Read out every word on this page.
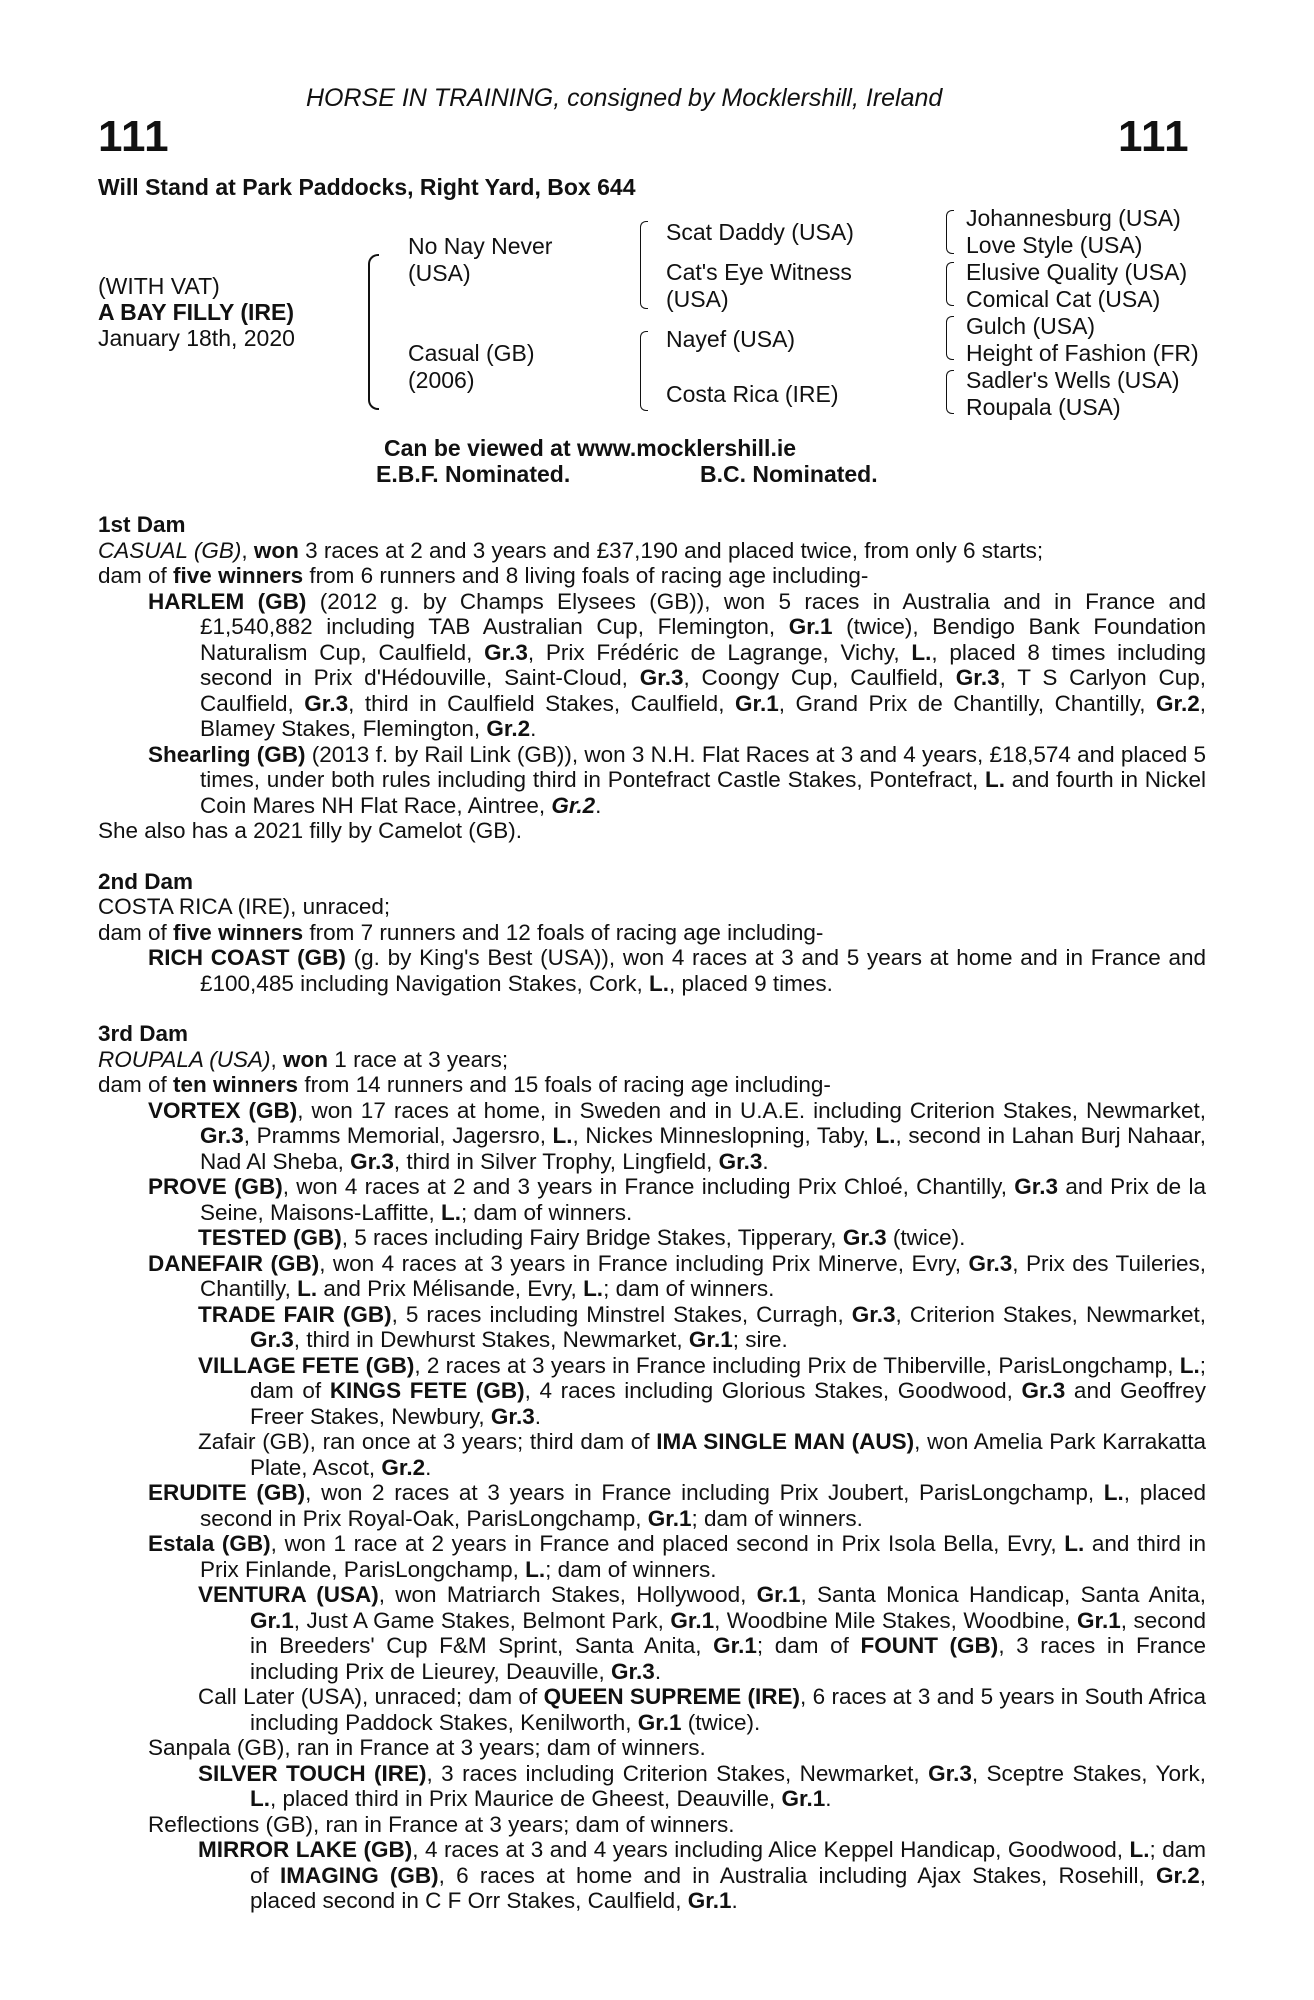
HORSE IN TRAINING, consigned by Mocklershill, Ireland
111	111
Will Stand at Park Paddocks, Right Yard, Box 644
(WITH VAT)
A BAY FILLY (IRE)
January 18th, 2020
No Nay Never
(USA)
Casual (GB)
(2006)
Scat Daddy (USA)
Cat's Eye Witness
(USA)
Nayef (USA)
Costa Rica (IRE)
Johannesburg (USA)
Love Style (USA)
Elusive Quality (USA)
Comical Cat (USA)
Gulch (USA)
Height of Fashion (FR)
Sadler's Wells (USA)
Roupala (USA)
Can be viewed at www.mocklershill.ie
E.B.F. Nominated.	B.C. Nominated.
1st Dam
CASUAL (GB), won 3 races at 2 and 3 years and £37,190 and placed twice, from only 6 starts;
dam of five winners from 6 runners and 8 living foals of racing age including-
HARLEM (GB) (2012 g. by Champs Elysees (GB)), won 5 races in Australia and in France and £1,540,882 including TAB Australian Cup, Flemington, Gr.1 (twice), Bendigo Bank Foundation Naturalism Cup, Caulfield, Gr.3, Prix Frédéric de Lagrange, Vichy, L., placed 8 times including second in Prix d'Hédouville, Saint-Cloud, Gr.3, Coongy Cup, Caulfield, Gr.3, T S Carlyon Cup, Caulfield, Gr.3, third in Caulfield Stakes, Caulfield, Gr.1, Grand Prix de Chantilly, Chantilly, Gr.2, Blamey Stakes, Flemington, Gr.2.
Shearling (GB) (2013 f. by Rail Link (GB)), won 3 N.H. Flat Races at 3 and 4 years, £18,574 and placed 5 times, under both rules including third in Pontefract Castle Stakes, Pontefract, L. and fourth in Nickel Coin Mares NH Flat Race, Aintree, Gr.2.
She also has a 2021 filly by Camelot (GB).
2nd Dam
COSTA RICA (IRE), unraced;
dam of five winners from 7 runners and 12 foals of racing age including-
RICH COAST (GB) (g. by King's Best (USA)), won 4 races at 3 and 5 years at home and in France and £100,485 including Navigation Stakes, Cork, L., placed 9 times.
3rd Dam
ROUPALA (USA), won 1 race at 3 years;
dam of ten winners from 14 runners and 15 foals of racing age including-
VORTEX (GB), won 17 races at home, in Sweden and in U.A.E. including Criterion Stakes, Newmarket, Gr.3, Pramms Memorial, Jagersro, L., Nickes Minneslopning, Taby, L., second in Lahan Burj Nahaar, Nad Al Sheba, Gr.3, third in Silver Trophy, Lingfield, Gr.3.
PROVE (GB), won 4 races at 2 and 3 years in France including Prix Chloé, Chantilly, Gr.3 and Prix de la Seine, Maisons-Laffitte, L.; dam of winners.
TESTED (GB), 5 races including Fairy Bridge Stakes, Tipperary, Gr.3 (twice).
DANEFAIR (GB), won 4 races at 3 years in France including Prix Minerve, Evry, Gr.3, Prix des Tuileries, Chantilly, L. and Prix Mélisande, Evry, L.; dam of winners.
TRADE FAIR (GB), 5 races including Minstrel Stakes, Curragh, Gr.3, Criterion Stakes, Newmarket, Gr.3, third in Dewhurst Stakes, Newmarket, Gr.1; sire.
VILLAGE FETE (GB), 2 races at 3 years in France including Prix de Thiberville, ParisLongchamp, L.; dam of KINGS FETE (GB), 4 races including Glorious Stakes, Goodwood, Gr.3 and Geoffrey Freer Stakes, Newbury, Gr.3.
Zafair (GB), ran once at 3 years; third dam of IMA SINGLE MAN (AUS), won Amelia Park Karrakatta Plate, Ascot, Gr.2.
ERUDITE (GB), won 2 races at 3 years in France including Prix Joubert, ParisLongchamp, L., placed second in Prix Royal-Oak, ParisLongchamp, Gr.1; dam of winners.
Estala (GB), won 1 race at 2 years in France and placed second in Prix Isola Bella, Evry, L. and third in Prix Finlande, ParisLongchamp, L.; dam of winners.
VENTURA (USA), won Matriarch Stakes, Hollywood, Gr.1, Santa Monica Handicap, Santa Anita, Gr.1, Just A Game Stakes, Belmont Park, Gr.1, Woodbine Mile Stakes, Woodbine, Gr.1, second in Breeders' Cup F&M Sprint, Santa Anita, Gr.1; dam of FOUNT (GB), 3 races in France including Prix de Lieurey, Deauville, Gr.3.
Call Later (USA), unraced; dam of QUEEN SUPREME (IRE), 6 races at 3 and 5 years in South Africa including Paddock Stakes, Kenilworth, Gr.1 (twice).
Sanpala (GB), ran in France at 3 years; dam of winners.
SILVER TOUCH (IRE), 3 races including Criterion Stakes, Newmarket, Gr.3, Sceptre Stakes, York, L., placed third in Prix Maurice de Gheest, Deauville, Gr.1.
Reflections (GB), ran in France at 3 years; dam of winners.
MIRROR LAKE (GB), 4 races at 3 and 4 years including Alice Keppel Handicap, Goodwood, L.; dam of IMAGING (GB), 6 races at home and in Australia including Ajax Stakes, Rosehill, Gr.2, placed second in C F Orr Stakes, Caulfield, Gr.1.
